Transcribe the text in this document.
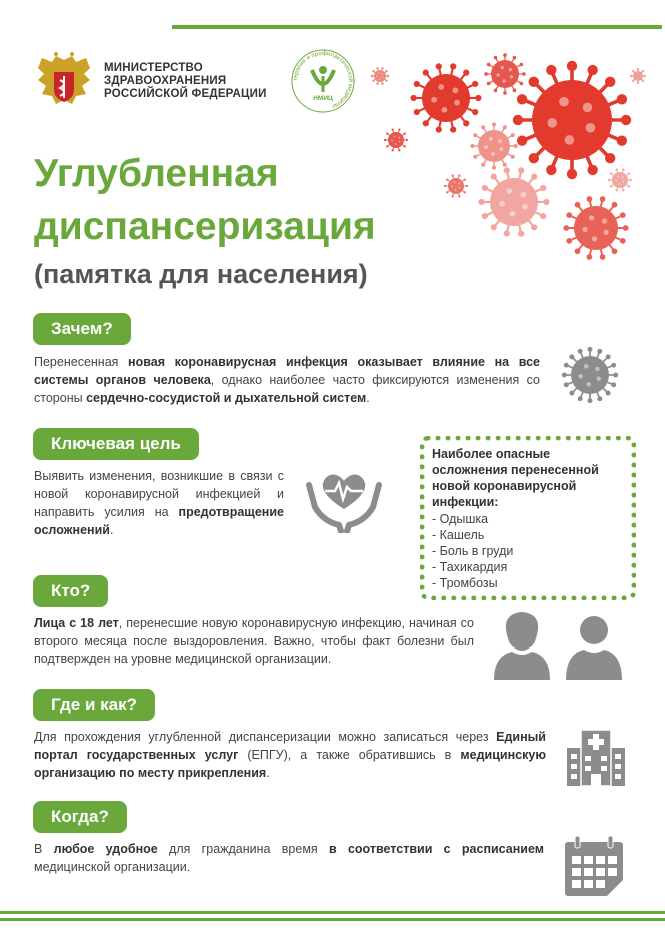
МИНИСТЕРСТВО
ЗДРАВООХРАНЕНИЯ
РОССИЙСКОЙ ФЕДЕРАЦИИ
терапии и профилактической медицины
НМИЦ
Углубленная
диспансеризация
(памятка для населения)
Зачем?
Перенесенная новая коронавирусная инфекция оказывает влияние на все системы органов человека, однако наиболее часто фиксируются изменения со стороны сердечно-сосудистой и дыхательной систем.
Ключевая цель
Выявить изменения, возникшие в связи с новой коронавирусной инфекцией и направить усилия на предотвращение осложнений.
Наиболее опасные осложнения перенесенной новой коронавирусной инфекции:
- Одышка
- Кашель
- Боль в груди
- Тахикардия
- Тромбозы
Кто?
Лица с 18 лет, перенесшие новую коронавирусную инфекцию, начиная со второго месяца после выздоровления. Важно, чтобы факт болезни был подтвержден на уровне медицинской организации.
Где и как?
Для прохождения углубленной диспансеризации можно записаться через Единый портал государственных услуг (ЕПГУ), а также обратившись в медицинскую организацию по месту прикрепления.
Когда?
В любое удобное для гражданина время в соответствии с расписанием медицинской организации.
